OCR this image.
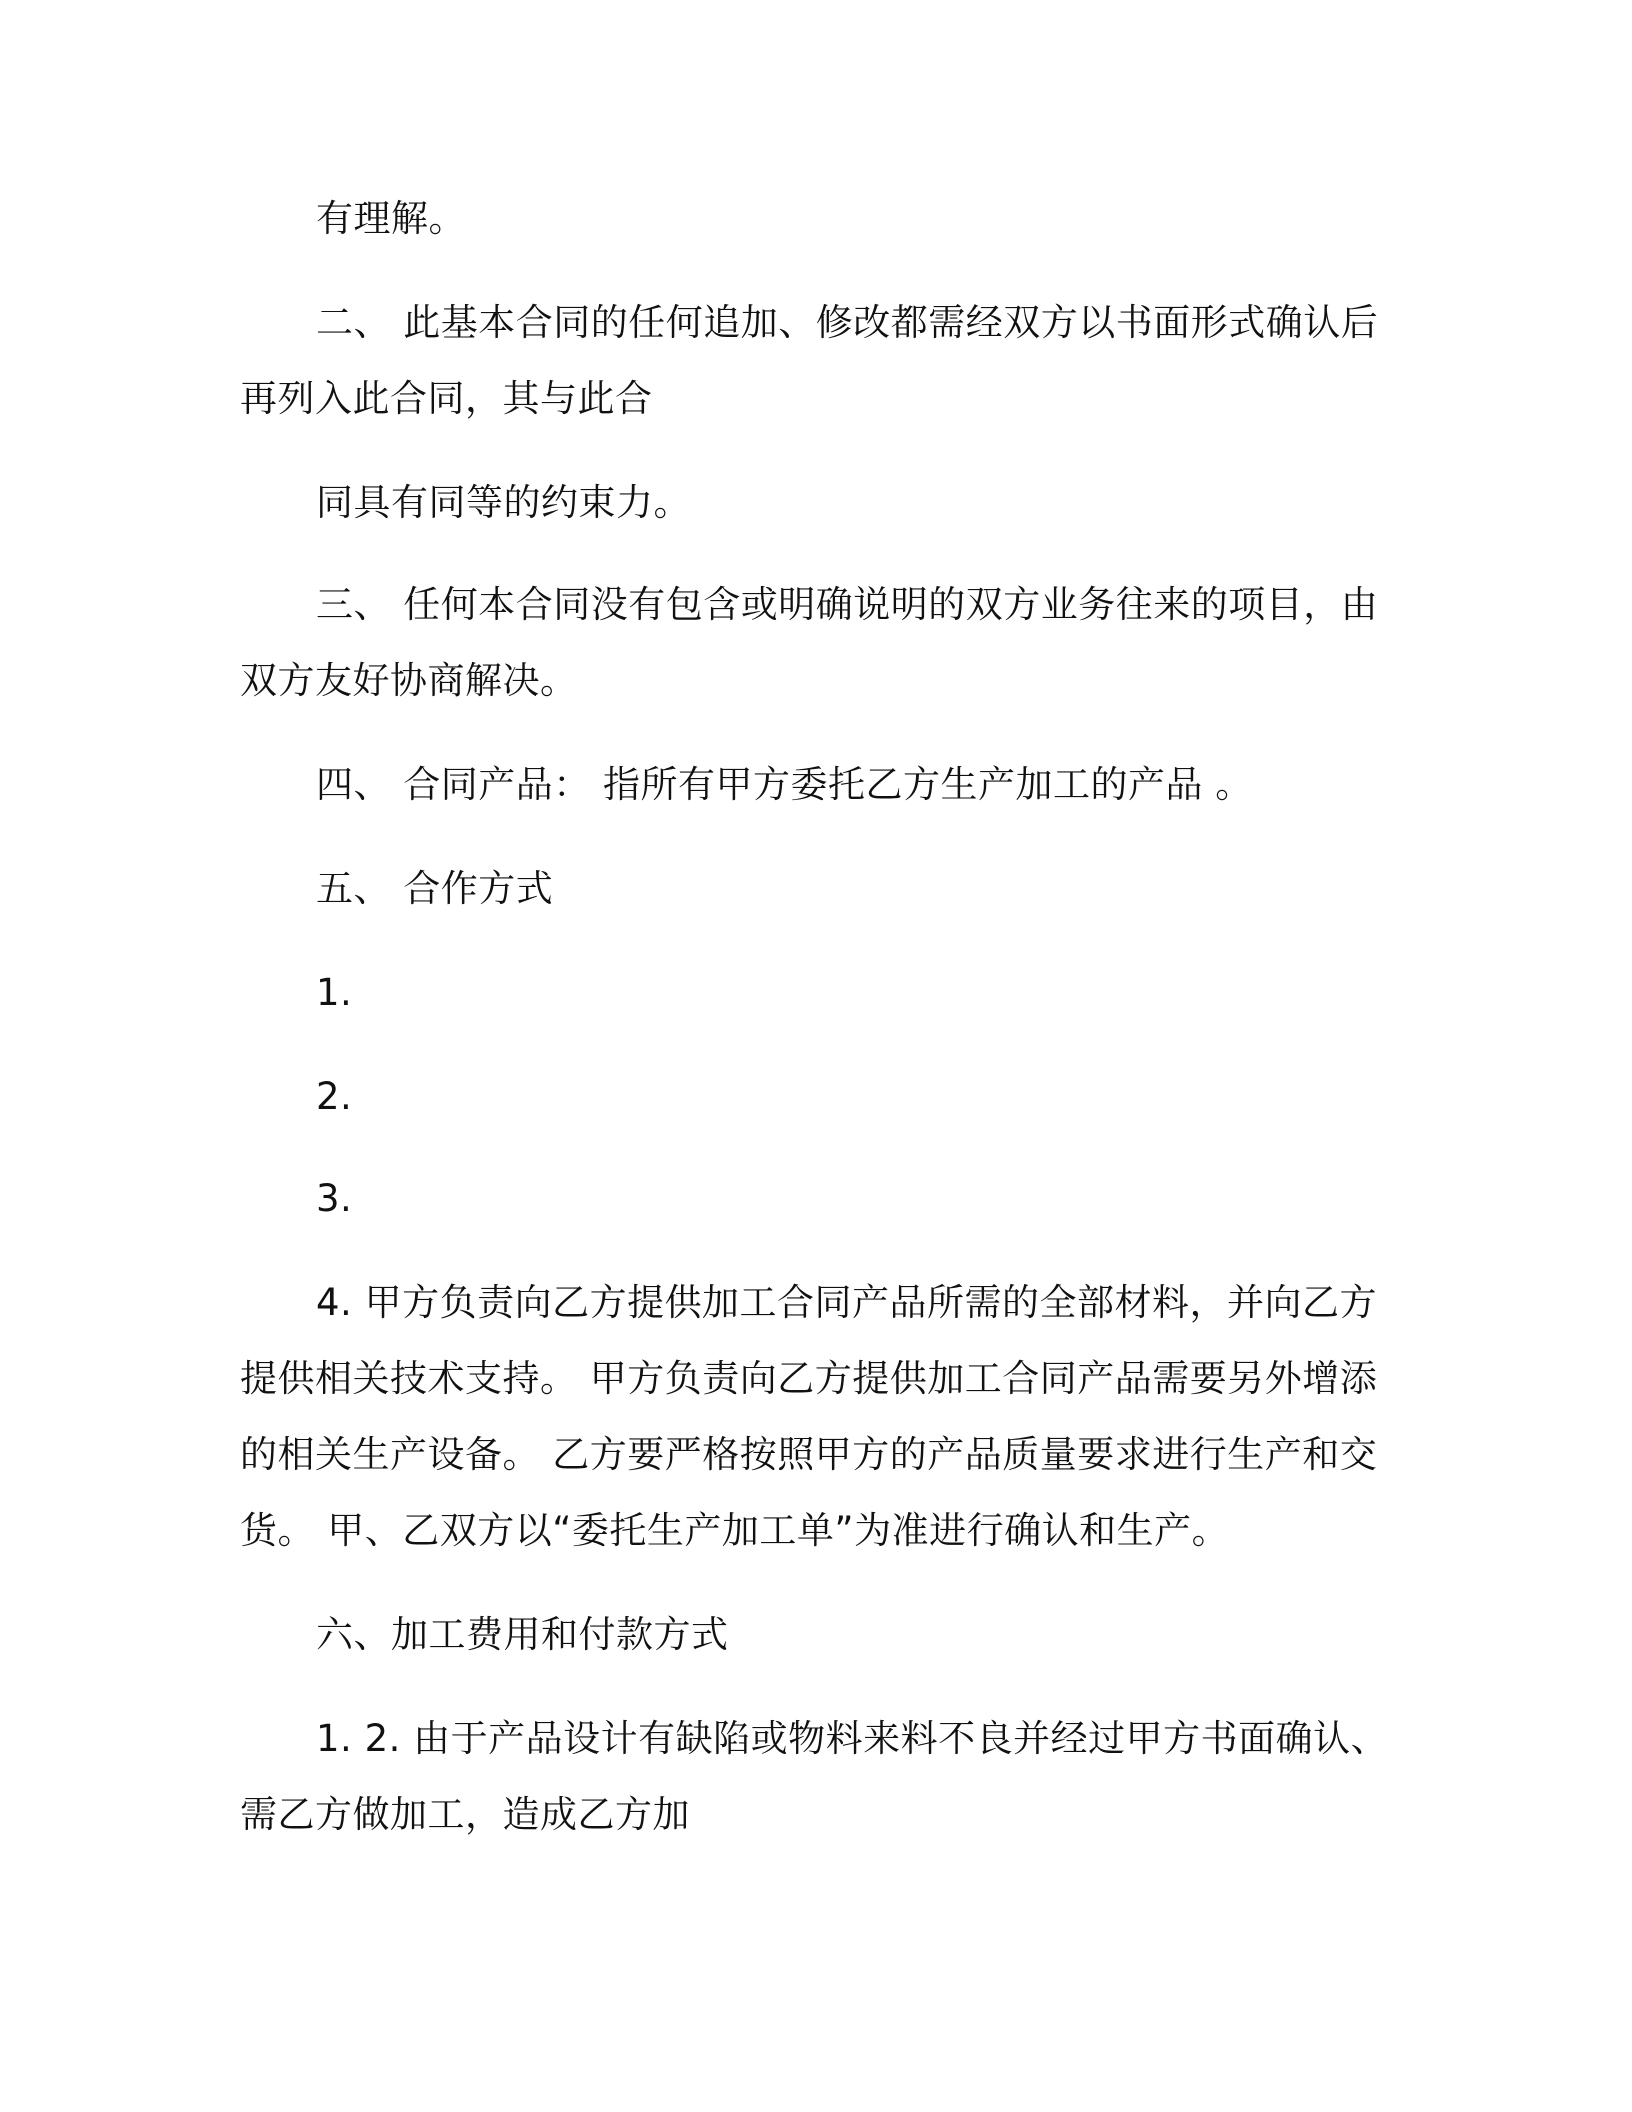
有理解。

二、 此基本合同的任何追加、修改都需经双方以书面形式确认后

再列入此合同，其与此合

同具有同等的约束力。

三、 任何本合同没有包含或明确说明的双方业务往来的项目，由

双方友好协商解决。

四、 合同产品： 指所有甲方委托乙方生产加工的产品 。

五、 合作方式

1.

2.

3.

4. 甲方负责向乙方提供加工合同产品所需的全部材料，并向乙方

提供相关技术支持。 甲方负责向乙方提供加工合同产品需要另外增添

的相关生产设备。 乙方要严格按照甲方的产品质量要求进行生产和交

货。 甲、乙双方以“委托生产加工单”为准进行确认和生产。

六、加工费用和付款方式

1. 2. 由于产品设计有缺陷或物料来料不良并经过甲方书面确认、

需乙方做加工，造成乙方加
